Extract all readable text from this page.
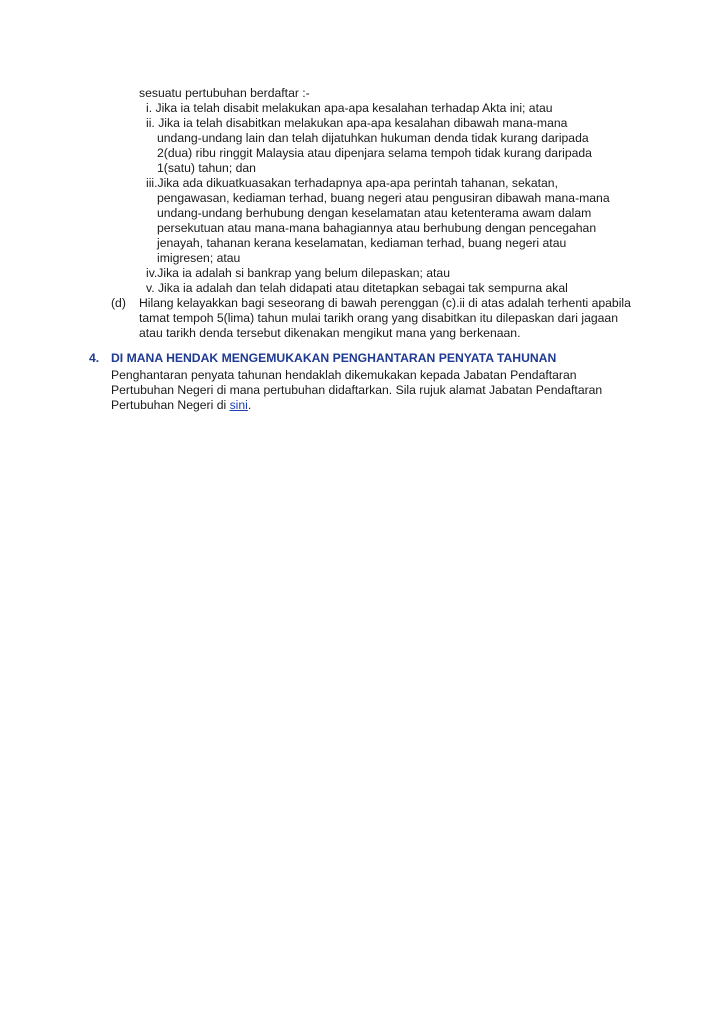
sesuatu pertubuhan berdaftar :-
i. Jika ia telah disabit melakukan apa-apa kesalahan terhadap Akta ini; atau
ii. Jika ia telah disabitkan melakukan apa-apa kesalahan dibawah mana-mana
undang-undang lain dan telah dijatuhkan hukuman denda tidak kurang daripada
2(dua) ribu ringgit Malaysia atau dipenjara selama tempoh tidak kurang daripada
1(satu) tahun; dan
iii.Jika ada dikuatkuasakan terhadapnya apa-apa perintah tahanan, sekatan,
pengawasan, kediaman terhad, buang negeri atau pengusiran dibawah mana-mana
undang-undang berhubung dengan keselamatan atau ketenterama awam dalam
persekutuan atau mana-mana bahagiannya atau berhubung dengan pencegahan
jenayah, tahanan kerana keselamatan, kediaman terhad, buang negeri atau
imigresen; atau
iv.Jika ia adalah si bankrap yang belum dilepaskan; atau
v. Jika ia adalah dan telah didapati atau ditetapkan sebagai tak sempurna akal
(d) Hilang kelayakkan bagi seseorang di bawah perenggan (c).ii di atas adalah terhenti apabila
tamat tempoh 5(lima) tahun mulai tarikh orang yang disabitkan itu dilepaskan dari jagaan
atau tarikh denda tersebut dikenakan mengikut mana yang berkenaan.
4. DI MANA HENDAK MENGEMUKAKAN PENGHANTARAN PENYATA TAHUNAN
Penghantaran penyata tahunan hendaklah dikemukakan kepada Jabatan Pendaftaran
Pertubuhan Negeri di mana pertubuhan didaftarkan. Sila rujuk alamat Jabatan Pendaftaran
Pertubuhan Negeri di sini.
